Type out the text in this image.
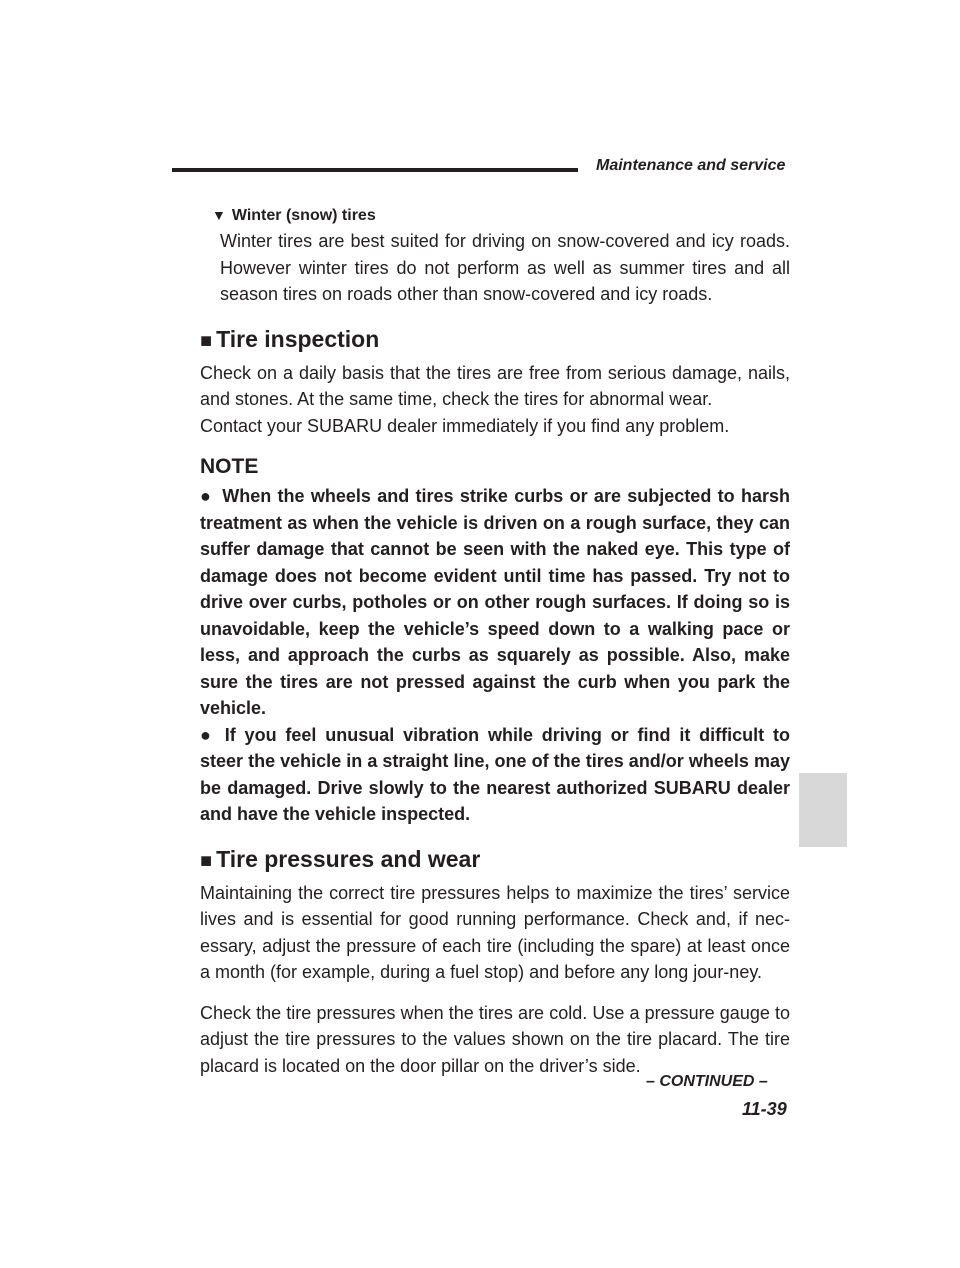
Maintenance and service

▼ Winter (snow) tires

Winter tires are best suited for driving on snow-covered and icy roads. However winter tires do not perform as well as summer tires and all season tires on roads other than snow-covered and icy roads.

■ Tire inspection

Check on a daily basis that the tires are free from serious damage, nails, and stones. At the same time, check the tires for abnormal wear.

Contact your SUBARU dealer immediately if you find any problem.

NOTE

● When the wheels and tires strike curbs or are subjected to harsh treatment as when the vehicle is driven on a rough surface, they can suffer damage that cannot be seen with the naked eye. This type of damage does not become evident until time has passed. Try not to drive over curbs, potholes or on other rough surfaces. If doing so is unavoidable, keep the vehicle’s speed down to a walking pace or less, and approach the curbs as squarely as possible. Also, make sure the tires are not pressed against the curb when you park the vehicle.

● If you feel unusual vibration while driving or find it difficult to steer the vehicle in a straight line, one of the tires and/or wheels may be damaged. Drive slowly to the nearest authorized SUBARU dealer and have the vehicle inspected.

■ Tire pressures and wear

Maintaining the correct tire pressures helps to maximize the tires’ service lives and is essential for good running performance. Check and, if nec-essary, adjust the pressure of each tire (including the spare) at least once a month (for example, during a fuel stop) and before any long jour-ney.

Check the tire pressures when the tires are cold. Use a pressure gauge to adjust the tire pressures to the values shown on the tire placard. The tire placard is located on the door pillar on the driver’s side.

– CONTINUED –
11-39
